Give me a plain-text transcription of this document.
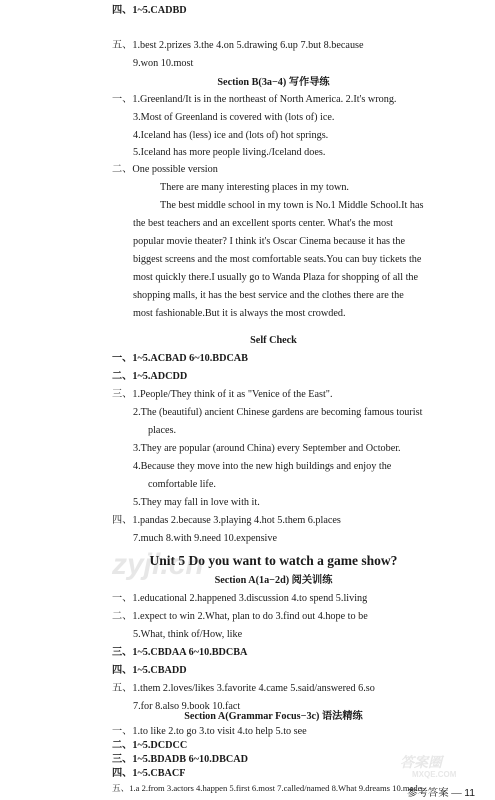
四、1~5.CADBD
五、1.best 2.prizes 3.the 4.on 5.drawing 6.up 7.but 8.because
9.won 10.most
Section B(3a−4) 写作导练
一、1.Greenland/It is in the northeast of North America. 2.It's wrong.
3.Most of Greenland is covered with (lots of) ice.
4.Iceland has (less) ice and (lots of) hot springs.
5.Iceland has more people living./Iceland does.
二、One possible version
There are many interesting places in my town.
The best middle school in my town is No.1 Middle School.It has
the best teachers and an excellent sports center. What's the most
popular movie theater? I think it's Oscar Cinema because it has the
biggest screens and the most comfortable seats.You can buy tickets the
most quickly there.I usually go to Wanda Plaza for shopping of all the
shopping malls, it has the best service and the clothes there are the
most fashionable.But it is always the most crowded.
Self Check
一、1~5.ACBAD 6~10.BDCAB
二、1~5.ADCDD
三、1.People/They think of it as "Venice of the East".
2.The (beautiful) ancient Chinese gardens are becoming famous tourist
places.
3.They are popular (around China) every September and October.
4.Because they move into the new high buildings and enjoy the
comfortable life.
5.They may fall in love with it.
四、1.pandas 2.because 3.playing 4.hot 5.them 6.places
7.much 8.with 9.need 10.expensive
Unit 5 Do you want to watch a game show?
Section A(1a−2d) 阅关训练
一、1.educational 2.happened 3.discussion 4.to spend 5.living
二、1.expect to win 2.What, plan to do 3.find out 4.hope to be
5.What, think of/How, like
三、1~5.CBDAA 6~10.BDCBA
四、1~5.CBADD
五、1.them 2.loves/likes 3.favorite 4.came 5.said/answered 6.so
7.for 8.also 9.book 10.fact
Section A(Grammar Focus−3c) 语法精练
一、1.to like 2.to go 3.to visit 4.to help 5.to see
二、1~5.DCDCC
三、1~5.BDADB 6~10.DBCAD
四、1~5.CBACF
五、1.a 2.from 3.actors 4.happen 5.first 6.most 7.called/named 8.What 9.dreams 10.made
参考答案 — 11
zyjl.cn
答案圈
MXQE.COM
